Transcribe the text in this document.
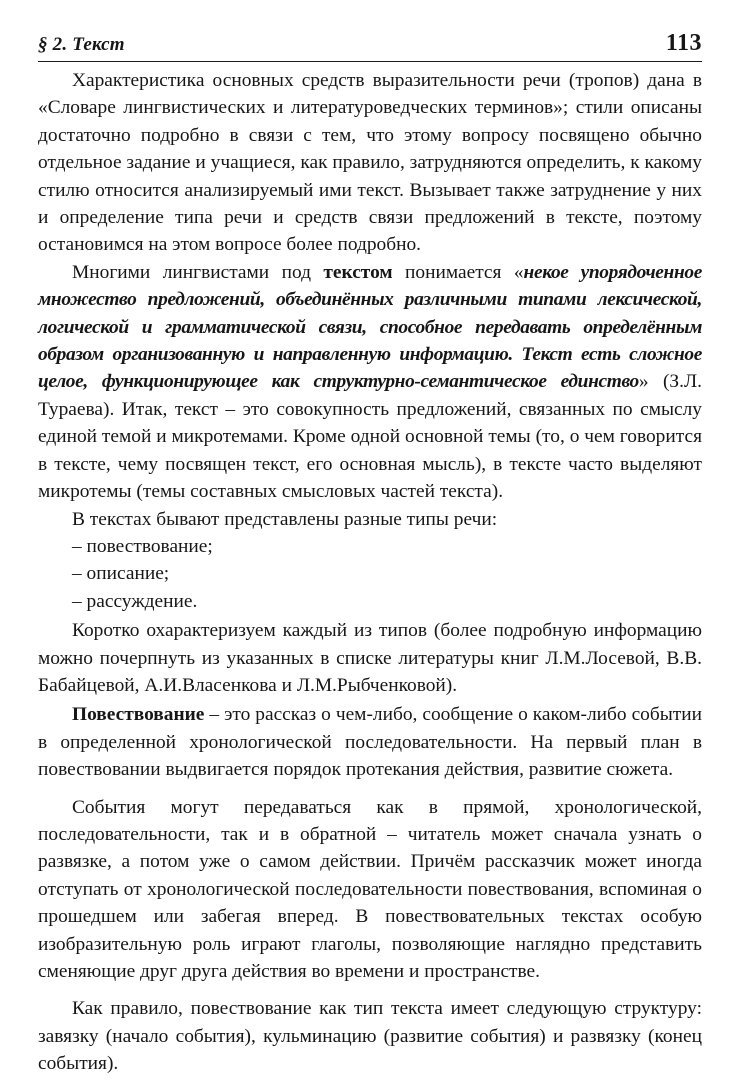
§ 2. Текст	113

Характеристика основных средств выразительности речи (тропов) дана в «Словаре лингвистических и литературоведческих терминов»; стили описаны достаточно подробно в связи с тем, что этому вопросу посвящено обычно отдельное задание и учащиеся, как правило, затрудняются определить, к какому стилю относится анализируемый ими текст. Вызывает также затруднение у них и определение типа речи и средств связи предложений в тексте, поэтому остановимся на этом вопросе более подробно.

Многими лингвистами под текстом понимается «некое упорядоченное множество предложений, объединённых различными типами лексической, логической и грамматической связи, способное передавать определённым образом организованную и направленную информацию. Текст есть сложное целое, функционирующее как структурно-семантическое единство» (З.Л. Тураева). Итак, текст – это совокупность предложений, связанных по смыслу единой темой и микротемами. Кроме одной основной темы (то, о чем говорится в тексте, чему посвящен текст, его основная мысль), в тексте часто выделяют микротемы (темы составных смысловых частей текста).

В текстах бывают представлены разные типы речи:

– повествование;

– описание;

– рассуждение.

Коротко охарактеризуем каждый из типов (более подробную информацию можно почерпнуть из указанных в списке литературы книг Л.М.Лосевой, В.В. Бабайцевой, А.И.Власенкова и Л.М.Рыбченковой).

Повествование – это рассказ о чем-либо, сообщение о каком-либо событии в определенной хронологической последовательности. На первый план в повествовании выдвигается порядок протекания действия, развитие сюжета.

События могут передаваться как в прямой, хронологической, последовательности, так и в обратной – читатель может сначала узнать о развязке, а потом уже о самом действии. Причём рассказчик может иногда отступать от хронологической последовательности повествования, вспоминая о прошедшем или забегая вперед. В повествовательных текстах особую изобразительную роль играют глаголы, позволяющие наглядно представить сменяющие друг друга действия во времени и пространстве.

Как правило, повествование как тип текста имеет следующую структуру: завязку (начало события), кульминацию (развитие события) и развязку (конец события).
